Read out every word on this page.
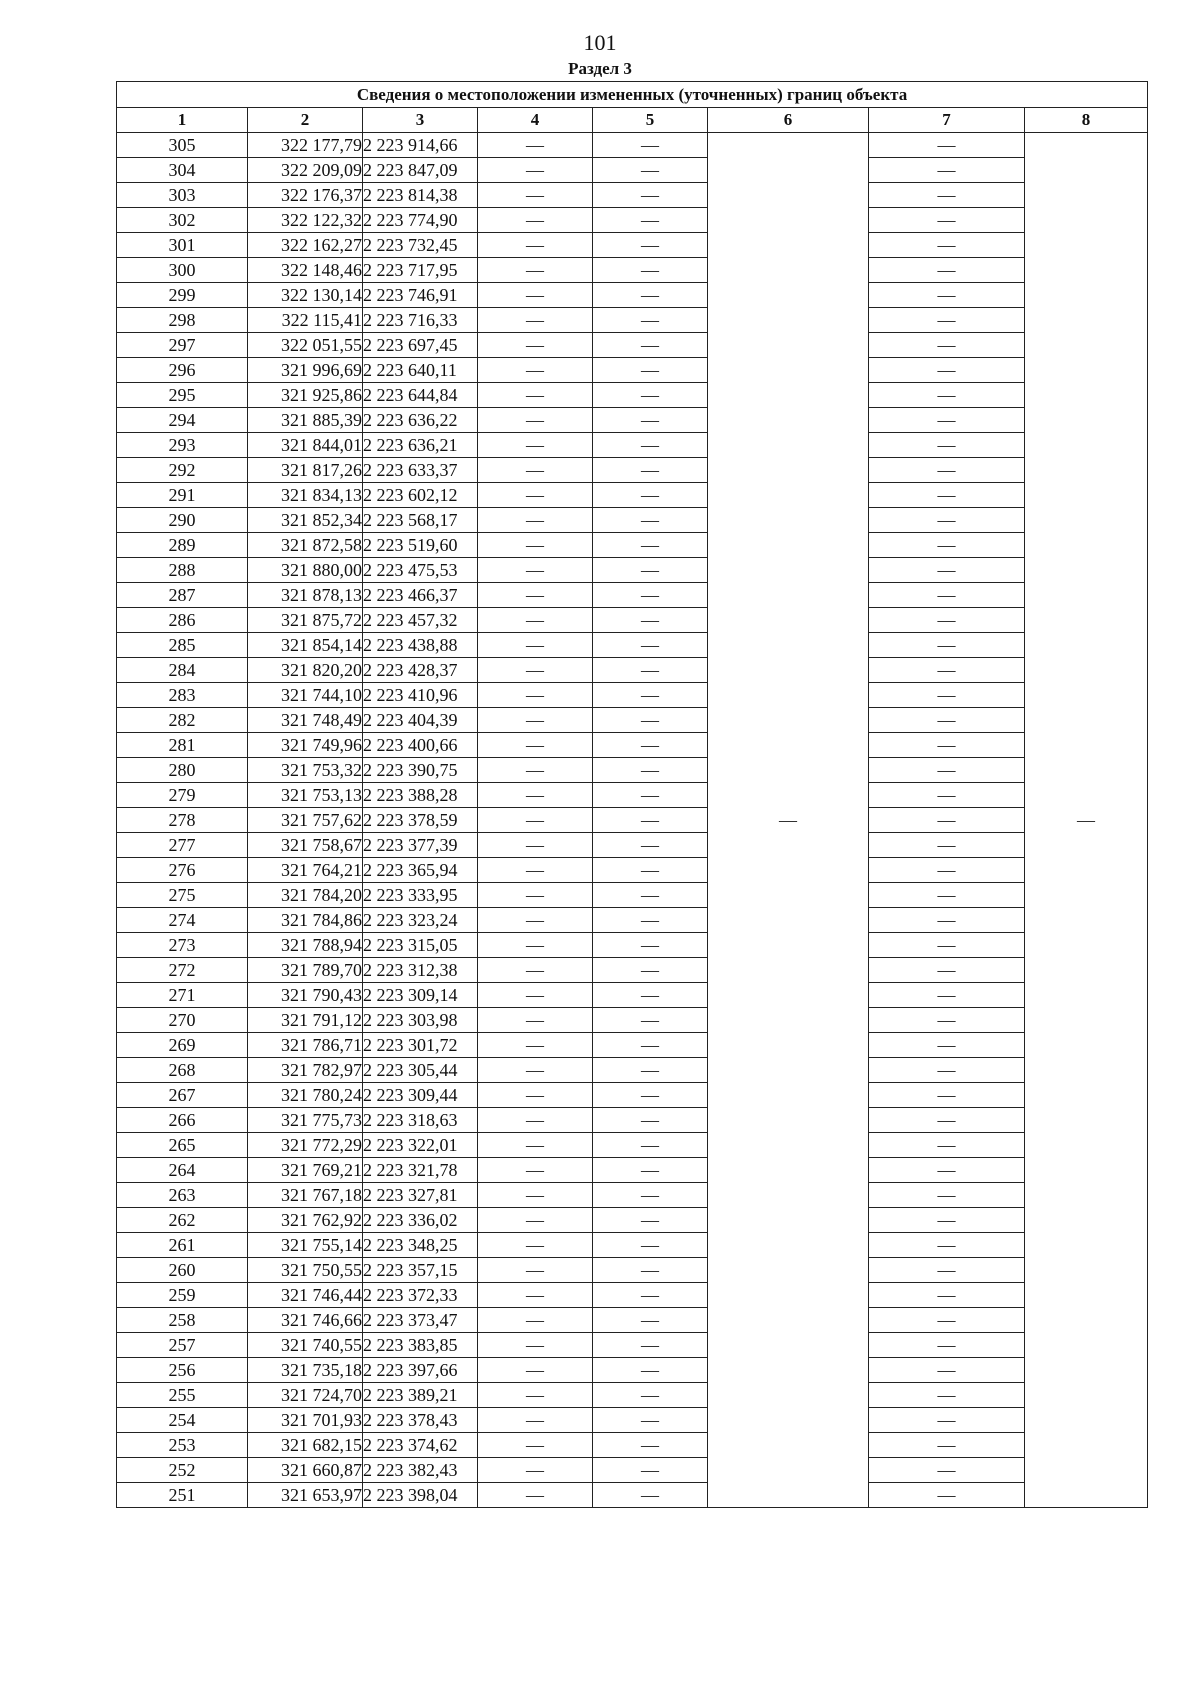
101
Раздел 3
Сведения о местоположении измененных (уточненных) границ объекта							
1	2	3	4	5	6	7	8
305	322 177,79	2 223 914,66	—	—	—	—	—
304	322 209,09	2 223 847,09	—	—		—	
303	322 176,37	2 223 814,38	—	—		—	
302	322 122,32	2 223 774,90	—	—		—	
301	322 162,27	2 223 732,45	—	—		—	
300	322 148,46	2 223 717,95	—	—		—	
299	322 130,14	2 223 746,91	—	—		—	
298	322 115,41	2 223 716,33	—	—		—	
297	322 051,55	2 223 697,45	—	—		—	
296	321 996,69	2 223 640,11	—	—		—	
295	321 925,86	2 223 644,84	—	—		—	
294	321 885,39	2 223 636,22	—	—		—	
293	321 844,01	2 223 636,21	—	—		—	
292	321 817,26	2 223 633,37	—	—		—	
291	321 834,13	2 223 602,12	—	—		—	
290	321 852,34	2 223 568,17	—	—		—	
289	321 872,58	2 223 519,60	—	—		—	
288	321 880,00	2 223 475,53	—	—		—	
287	321 878,13	2 223 466,37	—	—		—	
286	321 875,72	2 223 457,32	—	—		—	
285	321 854,14	2 223 438,88	—	—		—	
284	321 820,20	2 223 428,37	—	—		—	
283	321 744,10	2 223 410,96	—	—		—	
282	321 748,49	2 223 404,39	—	—		—	
281	321 749,96	2 223 400,66	—	—		—	
280	321 753,32	2 223 390,75	—	—		—	
279	321 753,13	2 223 388,28	—	—		—	
278	321 757,62	2 223 378,59	—	—		—	
277	321 758,67	2 223 377,39	—	—		—	
276	321 764,21	2 223 365,94	—	—		—	
275	321 784,20	2 223 333,95	—	—		—	
274	321 784,86	2 223 323,24	—	—		—	
273	321 788,94	2 223 315,05	—	—		—	
272	321 789,70	2 223 312,38	—	—		—	
271	321 790,43	2 223 309,14	—	—		—	
270	321 791,12	2 223 303,98	—	—		—	
269	321 786,71	2 223 301,72	—	—		—	
268	321 782,97	2 223 305,44	—	—		—	
267	321 780,24	2 223 309,44	—	—		—	
266	321 775,73	2 223 318,63	—	—		—	
265	321 772,29	2 223 322,01	—	—		—	
264	321 769,21	2 223 321,78	—	—		—	
263	321 767,18	2 223 327,81	—	—		—	
262	321 762,92	2 223 336,02	—	—		—	
261	321 755,14	2 223 348,25	—	—		—	
260	321 750,55	2 223 357,15	—	—		—	
259	321 746,44	2 223 372,33	—	—		—	
258	321 746,66	2 223 373,47	—	—		—	
257	321 740,55	2 223 383,85	—	—		—	
256	321 735,18	2 223 397,66	—	—		—	
255	321 724,70	2 223 389,21	—	—		—	
254	321 701,93	2 223 378,43	—	—		—	
253	321 682,15	2 223 374,62	—	—		—	
252	321 660,87	2 223 382,43	—	—		—	
251	321 653,97	2 223 398,04	—	—		—	
